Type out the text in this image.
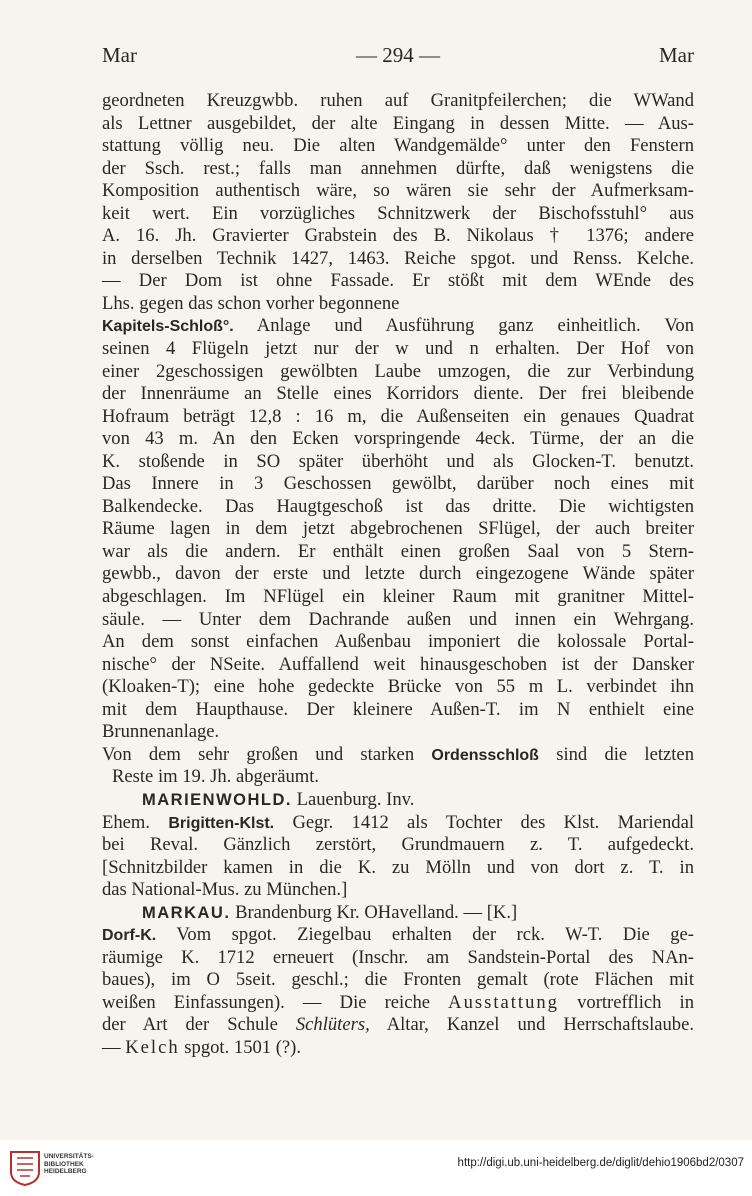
Mar	— 294 —	Mar
geordneten Kreuzgwbb. ruhen auf Granitpfeilerchen; die WWand
als Lettner ausgebildet, der alte Eingang in dessen Mitte. — Aus-
stattung völlig neu. Die alten Wandgemälde° unter den Fenstern
der Ssch. rest.; falls man annehmen dürfte, daß wenigstens die
Komposition authentisch wäre, so wären sie sehr der Aufmerksam-
keit wert. Ein vorzügliches Schnitzwerk der Bischofsstuhl° aus
A. 16. Jh. Gravierter Grabstein des B. Nikolaus † 1376; andere
in derselben Technik 1427, 1463. Reiche spgot. und Renss. Kelche.
— Der Dom ist ohne Fassade. Er stößt mit dem WEnde des
Lhs. gegen das schon vorher begonnene
Kapitels-Schloß°. Anlage und Ausführung ganz einheitlich. Von
seinen 4 Flügeln jetzt nur der w und n erhalten. Der Hof von
einer 2geschossigen gewölbten Laube umzogen, die zur Verbindung
der Innenräume an Stelle eines Korridors diente. Der frei bleibende
Hofraum beträgt 12,8 : 16 m, die Außenseiten ein genaues Quadrat
von 43 m. An den Ecken vorspringende 4eck. Türme, der an die
K. stoßende in SO später überhöht und als Glocken-T. benutzt.
Das Innere in 3 Geschossen gewölbt, darüber noch eines mit
Balkendecke. Das Haugtgeschoß ist das dritte. Die wichtigsten
Räume lagen in dem jetzt abgebrochenen SFlügel, der auch breiter
war als die andern. Er enthält einen großen Saal von 5 Stern-
gewbb., davon der erste und letzte durch eingezogene Wände später
abgeschlagen. Im NFlügel ein kleiner Raum mit granitner Mittel-
säule. — Unter dem Dachrande außen und innen ein Wehrgang.
An dem sonst einfachen Außenbau imponiert die kolossale Portal-
nische° der NSeite. Auffallend weit hinausgeschoben ist der Dansker
(Kloaken-T); eine hohe gedeckte Brücke von 55 m L. verbindet ihn
mit dem Haupthause. Der kleinere Außen-T. im N enthielt eine
Brunnenanlage.
Von dem sehr großen und starken Ordensschloß sind die letzten
Reste im 19. Jh. abgeräumt.
MARIENWOHLD. Lauenburg. Inv.
Ehem. Brigitten-Klst. Gegr. 1412 als Tochter des Klst. Mariendal
bei Reval. Gänzlich zerstört, Grundmauern z. T. aufgedeckt.
[Schnitzbilder kamen in die K. zu Mölln und von dort z. T. in
das National-Mus. zu München.]
MARKAU. Brandenburg Kr. OHavelland. — [K.]
Dorf-K. Vom spgot. Ziegelbau erhalten der rck. W-T. Die ge-
räumige K. 1712 erneuert (Inschr. am Sandstein-Portal des NAn-
baues), im O 5seit. geschl.; die Fronten gemalt (rote Flächen mit
weißen Einfassungen). — Die reiche Ausstattung vortrefflich in
der Art der Schule Schlüters, Altar, Kanzel und Herrschaftslaube.
— Kelch spgot. 1501 (?).
UNIVERSITÄTS-
BIBLIOTHEK
HEIDELBERG
http://digi.ub.uni-heidelberg.de/diglit/dehio1906bd2/0307
